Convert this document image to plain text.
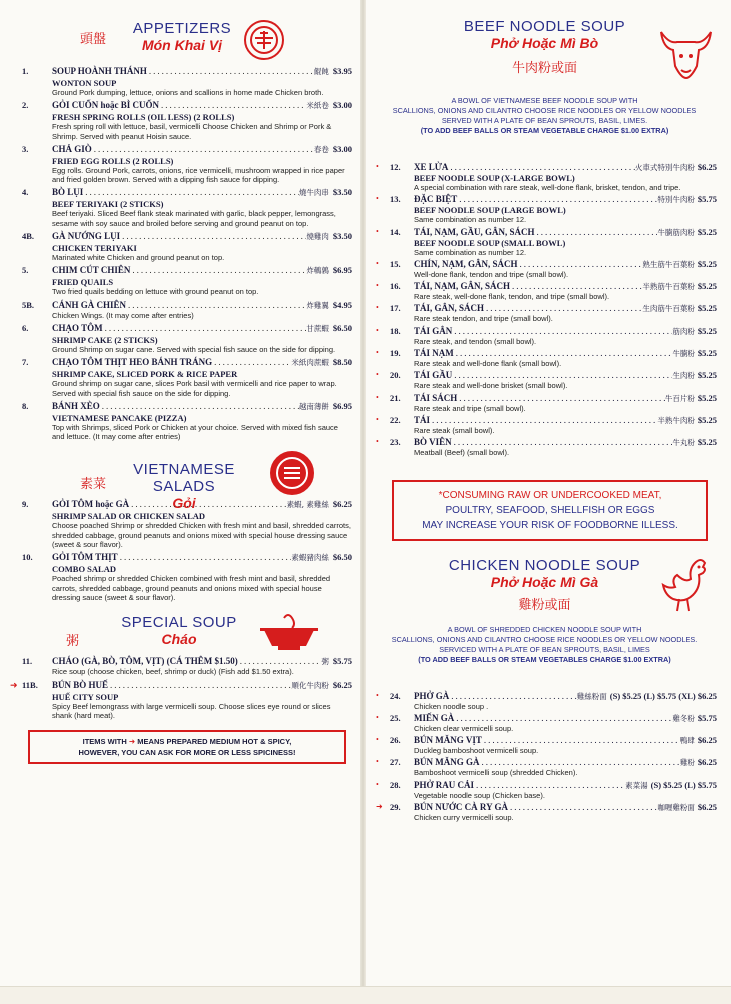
頭盤
APPETIZERS
Món Khai Vị
1.	SOUP HOÀNH THÁNH .....	餛飩 $3.95
WONTON SOUP
Ground Pork dumping, lettuce, onions and scallions in home made Chicken broth.
2.	GỎI CUỐN hoặc BÌ CUỐN .....	米紙卷 $3.00
FRESH SPRING ROLLS (OIL LESS) (2 ROLLS)
Fresh spring roll with lettuce, basil, vermicelli Choose Chicken and Shrimp or Pork & Shrimp. Served with peanut Hoisin sauce.
3.	CHẢ GIÒ .....	春卷 $3.00
FRIED EGG ROLLS (2 ROLLS)
Egg rolls. Ground Pork, carrots, onions, rice vermicelli, mushroom wrapped in rice paper and fried golden brown. Served with a dipping fish sauce for dipping.
4.	BÒ LỤI .....	燒牛肉串 $3.50
BEEF TERIYAKI (2 STICKS)
Beef teriyaki. Sliced Beef flank steak marinated with garlic, black pepper, lemongrass, sesame with soy sauce and broiled before serving and ground peanut on top.
4B.	GÀ NƯỚNG LỤI .....	燒雞肉 $3.50
CHICKEN TERIYAKI
Marinated white Chicken and ground peanut on top.
5.	CHIM CÚT CHIÊN .....	炸鵪鶉 $6.95
FRIED QUAILS
Two fried quails bedding on lettuce with ground peanut on top.
5B.	CÁNH GÀ CHIÊN .....	炸雞翼 $4.95
Chicken Wings. (It may come after entries)
6.	CHẠO TÔM .....	甘蔗蝦 $6.50
SHRIMP CAKE (2 STICKS)
Ground Shrimp on sugar cane. Served with special fish sauce on the side for dipping.
7.	CHẠO TÔM THỊT HEO BÁNH TRÁNG .....	米紙肉蔗蝦 $8.50
SHRIMP CAKE, SLICED PORK & RICE PAPER
Ground shrimp on sugar cane, slices Pork basil with vermicelli and rice paper to wrap. Served with special fish sauce on the side for dipping.
8.	BÁNH XÈO .....	越南薄餅 $6.95
VIETNAMESE PANCAKE (PIZZA)
Top with Shrimps, sliced Pork or Chicken at your choice. Served with mixed fish sauce and lettuce. (It may come after entries)
素菜
VIETNAMESE SALADS
Gỏi
9.	GỎI TÔM hoặc GÀ .....	素蝦, 素雞絲 $6.25
SHRIMP SALAD OR CHICKEN SALAD
Choose poached Shrimp or shredded Chicken with fresh mint and basil, shredded carrots, shredded cabbage, ground peanuts and onions mixed with special house dressing sauce (sweet & sour flavor).
10.	GỎI TÔM THỊT .....	素蝦豬肉絲 $6.50
COMBO SALAD
Poached shrimp or shredded Chicken combined with fresh mint and basil, shredded carrots, shredded cabbage, ground peanuts and onions mixed with special house dressing sauce (sweet & sour flavor).
粥
SPECIAL SOUP
Cháo
11.	CHÁO (GÀ, BÒ, TÔM, VỊT) (CÁ THÊM $1.50) .....	粥 $5.75
Rice soup (choose chicken, beef, shrimp or duck) (Fish add $1.50 extra).
➜ 11B.	BÚN BÒ HUẾ .....	順化牛肉粉 $6.25
HUẾ CITY SOUP
Spicy Beef lemongrass with large vermicelli soup. Choose slices eye round or slices shank (hard meat).
ITEMS WITH ➜ MEANS PREPARED MEDIUM HOT & SPICY,
HOWEVER, YOU CAN ASK FOR MORE OR LESS SPICINESS!
BEEF NOODLE SOUP
Phở Hoặc Mì Bò
牛肉粉或面
A BOWL OF VIETNAMESE BEEF NOODLE SOUP WITH
SCALLIONS, ONIONS AND CILANTRO CHOOSE RICE NOODLES OR YELLOW NOODLES
SERVED WITH A PLATE OF BEAN SPROUTS, BASIL, LIMES.
(TO ADD BEEF BALLS OR STEAM VEGETABLE CHARGE $1.00 EXTRA)
• 12. XE LỬA .....	火車式特別牛肉粉 $6.25
BEEF NOODLE SOUP (X-LARGE BOWL)
A special combination with rare steak, well-done flank, brisket, tendon, and tripe.
• 13. ĐẶC BIỆT .....	特別牛肉粉 $5.75
BEEF NOODLE SOUP (LARGE BOWL)
Same combination as number 12.
• 14. TÁI, NẠM, GẦU, GÂN, SÁCH .....	牛腩筋肉粉 $5.25
BEEF NOODLE SOUP (SMALL BOWL)
Same combination as number 12.
• 15. CHÍN, NẠM, GÂN, SÁCH .....	熟生筋牛百葉粉 $5.25
Well-done flank, tendon and tripe (small bowl).
• 16. TÁI, NẠM, GÂN, SÁCH .....	半熟筋牛百葉粉 $5.25
Rare steak, well-done flank, tendon, and tripe (small bowl).
• 17. TÁI, GÂN, SÁCH .....	生肉筋牛百葉粉 $5.25
Rare steak tendon, and tripe (small bowl).
• 18. TÁI GÂN .....	筋肉粉 $5.25
Rare steak, and tendon (small bowl).
• 19. TÁI NẠM .....	牛腩粉 $5.25
Rare steak and well-done flank (small bowl).
• 20. TÁI GẦU .....	生肉粉 $5.25
Rare steak and well-done brisket (small bowl).
• 21. TÁI SÁCH .....	牛百片粉 $5.25
Rare steak and tripe (small bowl).
• 22. TÁI .....	半熟牛肉粉 $5.25
Rare steak (small bowl).
• 23. BÒ VIÊN .....	牛丸粉 $5.25
Meatball (Beef) (small bowl).
*CONSUMING RAW OR UNDERCOOKED MEAT,
POULTRY, SEAFOOD, SHELLFISH OR EGGS
MAY INCREASE YOUR RISK OF FOODBORNE ILLESS.
CHICKEN NOODLE SOUP
Phở Hoặc Mì Gà
雞粉或面
A BOWL OF SHREDDED CHICKEN NOODLE SOUP WITH
SCALLIONS, ONIONS AND CILANTRO CHOOSE RICE NOODLES OR YELLOW NOODLES.
SERVICED WITH A PLATE OF BEAN SPROUTS, BASIL, LIMES
(TO ADD BEEF BALLS OR STEAM VEGETABLES CHARGE $1.00 EXTRA)
• 24. PHỞ GÀ .....	雞絲粉面 (S) $5.25 (L) $5.75 (XL) $6.25
Chicken noodle soup .
• 25. MIẾN GÀ .....	雞冬粉 $5.75
Chicken clear vermicelli soup.
• 26. BÚN MĂNG VỊT .....	鴨肆 $6.25
Duckleg bamboshoot vermicelli soup.
• 27. BÚN MĂNG GÀ .....	雞粉 $6.25
Bamboshoot vermicelli soup (shredded Chicken).
• 28. PHỞ RAU CẢI .....	素菜湯 (S) $5.25 (L) $5.75
Vegetable noodle soup (Chicken base).
➜ 29. BÚN NƯỚC CÀ RY GÀ .....	咖喱雞粉面 $6.25
Chicken curry vermicelli soup.
